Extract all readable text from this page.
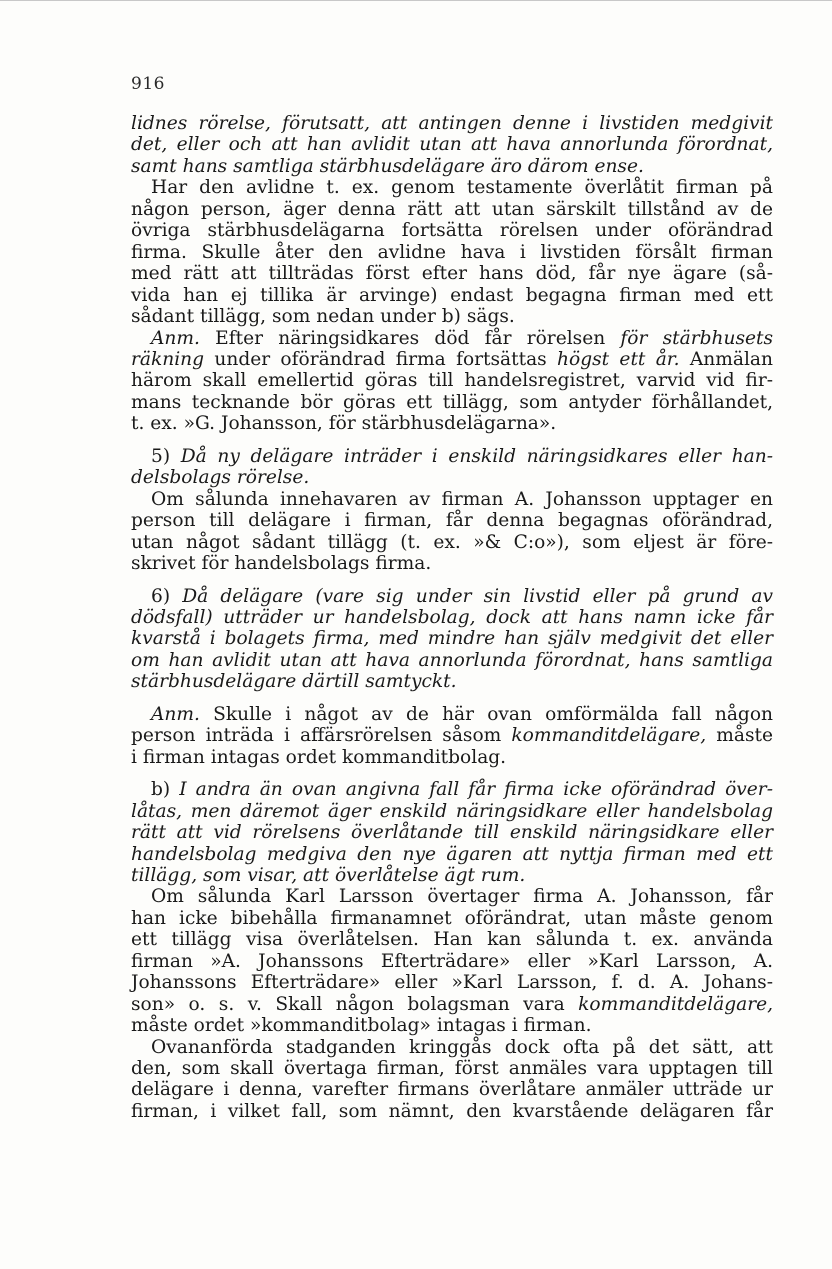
916
lidnes rörelse, förutsatt, att antingen denne i livstiden medgivit
det, eller och att han avlidit utan att hava annorlunda förordnat,
samt hans samtliga stärbhusdelägare äro därom ense.
Har den avlidne t. ex. genom testamente överlåtit firman på
någon person, äger denna rätt att utan särskilt tillstånd av de
övriga stärbhusdelägarna fortsätta rörelsen under oförändrad
firma. Skulle åter den avlidne hava i livstiden försålt firman
med rätt att tillträdas först efter hans död, får nye ägare (så-
vida han ej tillika är arvinge) endast begagna firman med ett
sådant tillägg, som nedan under b) sägs.
Anm. Efter näringsidkares död får rörelsen för stärbhusets
räkning under oförändrad firma fortsättas högst ett år. Anmälan
härom skall emellertid göras till handelsregistret, varvid vid fir-
mans tecknande bör göras ett tillägg, som antyder förhållandet,
t. ex. »G. Johansson, för stärbhusdelägarna».
5) Då ny delägare inträder i enskild näringsidkares eller han-
delsbolags rörelse.
Om sålunda innehavaren av firman A. Johansson upptager en
person till delägare i firman, får denna begagnas oförändrad,
utan något sådant tillägg (t. ex. »& C:o»), som eljest är före-
skrivet för handelsbolags firma.
6) Då delägare (vare sig under sin livstid eller på grund av
dödsfall) utträder ur handelsbolag, dock att hans namn icke får
kvarstå i bolagets firma, med mindre han själv medgivit det eller
om han avlidit utan att hava annorlunda förordnat, hans samtliga
stärbhusdelägare därtill samtyckt.
Anm. Skulle i något av de här ovan omförmälda fall någon
person inträda i affärsrörelsen såsom kommanditdelägare, måste
i firman intagas ordet kommanditbolag.
b) I andra än ovan angivna fall får firma icke oförändrad över-
låtas, men däremot äger enskild näringsidkare eller handelsbolag
rätt att vid rörelsens överlåtande till enskild näringsidkare eller
handelsbolag medgiva den nye ägaren att nyttja firman med ett
tillägg, som visar, att överlåtelse ägt rum.
Om sålunda Karl Larsson övertager firma A. Johansson, får
han icke bibehålla firmanamnet oförändrat, utan måste genom
ett tillägg visa överlåtelsen. Han kan sålunda t. ex. använda
firman »A. Johanssons Efterträdare» eller »Karl Larsson, A.
Johanssons Efterträdare» eller »Karl Larsson, f. d. A. Johans-
son» o. s. v. Skall någon bolagsman vara kommanditdelägare,
måste ordet »kommanditbolag» intagas i firman.
Ovananförda stadganden kringgås dock ofta på det sätt, att
den, som skall övertaga firman, först anmäles vara upptagen till
delägare i denna, varefter firmans överlåtare anmäler utträde ur
firman, i vilket fall, som nämnt, den kvarstående delägaren får
